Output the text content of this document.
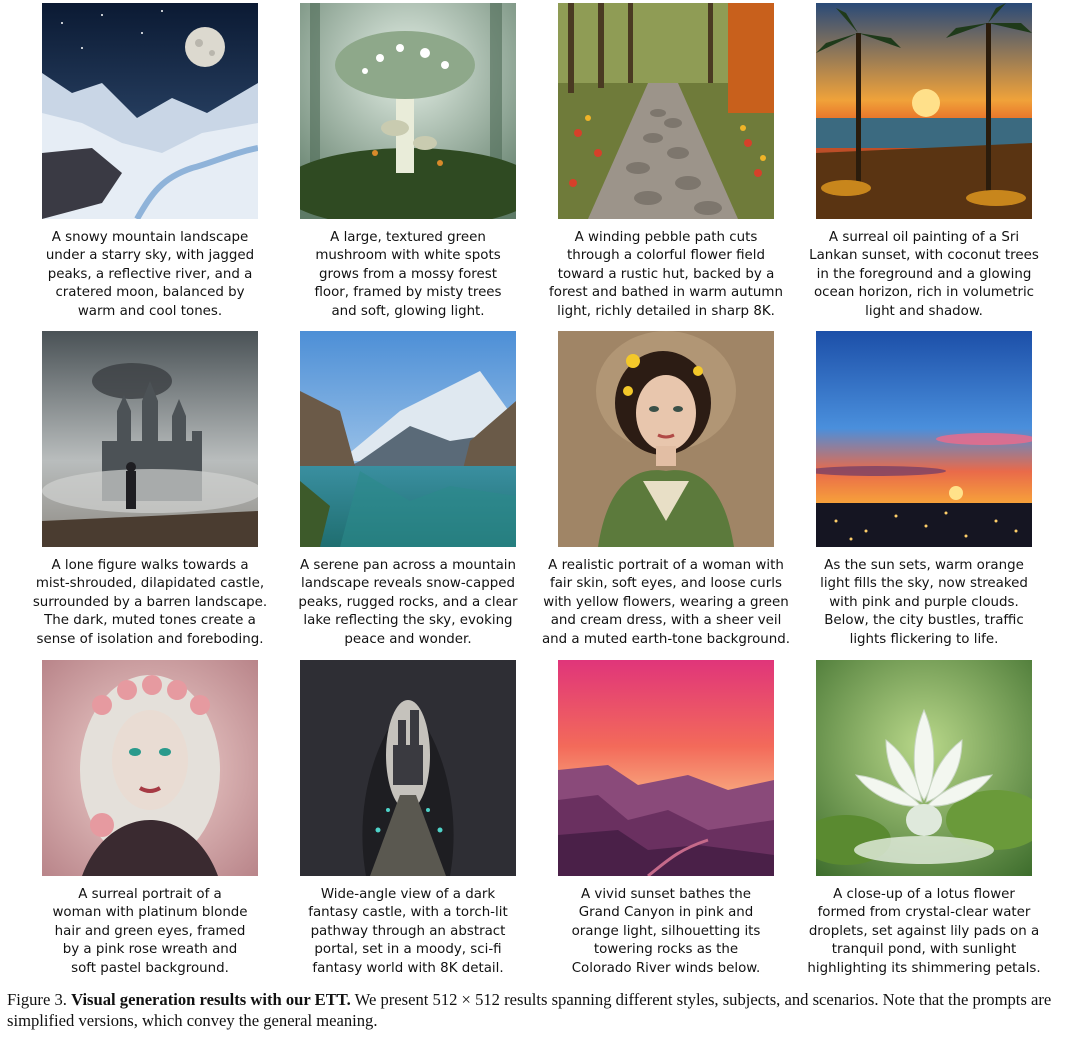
A snowy mountain landscape
under a starry sky, with jagged
peaks, a reflective river, and a
cratered moon, balanced by
warm and cool tones.
A large, textured green
mushroom with white spots
grows from a mossy forest
floor, framed by misty trees
and soft, glowing light.
A winding pebble path cuts
through a colorful flower field
toward a rustic hut, backed by a
forest and bathed in warm autumn
light, richly detailed in sharp 8K.
A surreal oil painting of a Sri
Lankan sunset, with coconut trees
in the foreground and a glowing
ocean horizon, rich in volumetric
light and shadow.
A lone figure walks towards a
mist-shrouded, dilapidated castle,
surrounded by a barren landscape.
The dark, muted tones create a
sense of isolation and foreboding.
A serene pan across a mountain
landscape reveals snow-capped
peaks, rugged rocks, and a clear
lake reflecting the sky, evoking
peace and wonder.
A realistic portrait of a woman with
fair skin, soft eyes, and loose curls
with yellow flowers, wearing a green
and cream dress, with a sheer veil
and a muted earth-tone background.
As the sun sets, warm orange
light fills the sky, now streaked
with pink and purple clouds.
Below, the city bustles, traffic
lights flickering to life.
A surreal portrait of a
woman with platinum blonde
hair and green eyes, framed
by a pink rose wreath and
soft pastel background.
Wide-angle view of a dark
fantasy castle, with a torch-lit
pathway through an abstract
portal, set in a moody, sci-fi
fantasy world with 8K detail.
A vivid sunset bathes the
Grand Canyon in pink and
orange light, silhouetting its
towering rocks as the
Colorado River winds below.
A close-up of a lotus flower
formed from crystal-clear water
droplets, set against lily pads on a
tranquil pond, with sunlight
highlighting its shimmering petals.
Figure 3. Visual generation results with our ETT. We present 512 × 512 results spanning different styles, subjects, and scenarios. Note that the prompts are simplified versions, which convey the general meaning.
